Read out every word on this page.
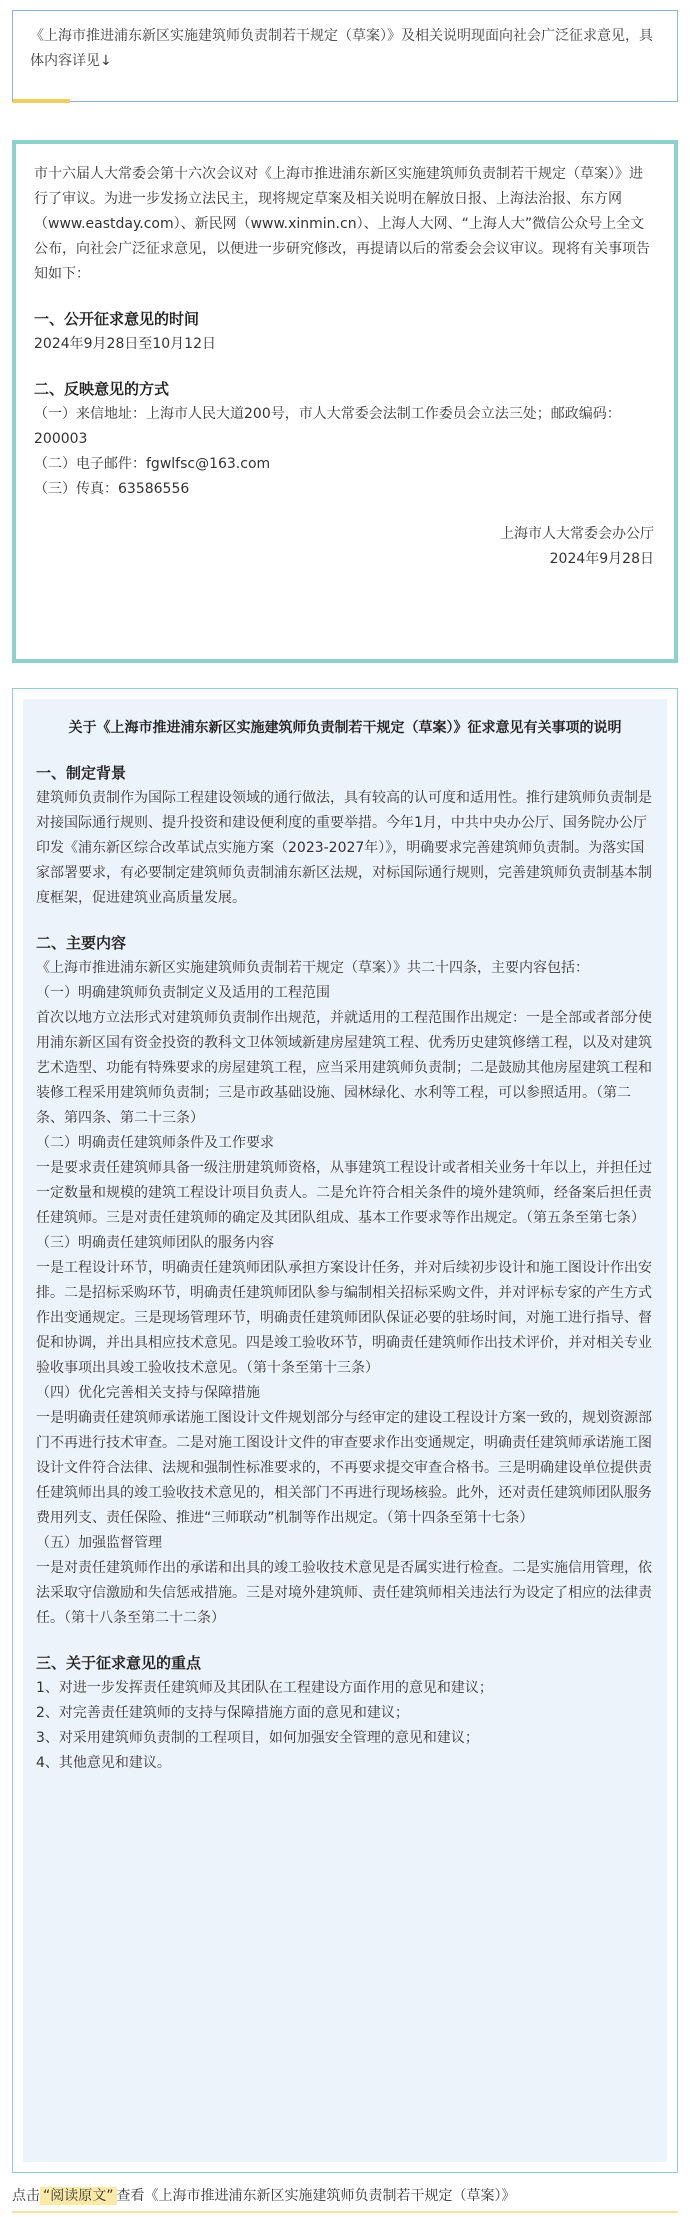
《上海市推进浦东新区实施建筑师负责制若干规定（草案）》及相关说明现面向社会广泛征求意见，具体内容详见↓

市十六届人大常委会第十六次会议对《上海市推进浦东新区实施建筑师负责制若干规定（草案）》进行了审议。为进一步发扬立法民主，现将规定草案及相关说明在解放日报、上海法治报、东方网（www.eastday.com）、新民网（www.xinmin.cn）、上海人大网、“上海人大”微信公众号上全文公布，向社会广泛征求意见，以便进一步研究修改，再提请以后的常委会会议审议。现将有关事项告知如下：

一、公开征求意见的时间

2024年9月28日至10月12日

二、反映意见的方式

（一）来信地址：上海市人民大道200号，市人大常委会法制工作委员会立法三处；邮政编码：200003

（二）电子邮件：fgwlfsc@163.com

（三）传真：63586556

上海市人大常委会办公厅

2024年9月28日

关于《上海市推进浦东新区实施建筑师负责制若干规定（草案）》征求意见有关事项的说明

一、制定背景

建筑师负责制作为国际工程建设领域的通行做法，具有较高的认可度和适用性。推行建筑师负责制是对接国际通行规则、提升投资和建设便利度的重要举措。今年1月，中共中央办公厅、国务院办公厅印发《浦东新区综合改革试点实施方案（2023-2027年）》，明确要求完善建筑师负责制。为落实国家部署要求，有必要制定建筑师负责制浦东新区法规，对标国际通行规则，完善建筑师负责制基本制度框架，促进建筑业高质量发展。

二、主要内容

《上海市推进浦东新区实施建筑师负责制若干规定（草案）》共二十四条，主要内容包括：

（一）明确建筑师负责制定义及适用的工程范围

首次以地方立法形式对建筑师负责制作出规范，并就适用的工程范围作出规定：一是全部或者部分使用浦东新区国有资金投资的教科文卫体领域新建房屋建筑工程、优秀历史建筑修缮工程，以及对建筑艺术造型、功能有特殊要求的房屋建筑工程，应当采用建筑师负责制；二是鼓励其他房屋建筑工程和装修工程采用建筑师负责制；三是市政基础设施、园林绿化、水利等工程，可以参照适用。（第二条、第四条、第二十三条）

（二）明确责任建筑师条件及工作要求

一是要求责任建筑师具备一级注册建筑师资格，从事建筑工程设计或者相关业务十年以上，并担任过一定数量和规模的建筑工程设计项目负责人。二是允许符合相关条件的境外建筑师，经备案后担任责任建筑师。三是对责任建筑师的确定及其团队组成、基本工作要求等作出规定。（第五条至第七条）

（三）明确责任建筑师团队的服务内容

一是工程设计环节，明确责任建筑师团队承担方案设计任务，并对后续初步设计和施工图设计作出安排。二是招标采购环节，明确责任建筑师团队参与编制相关招标采购文件，并对评标专家的产生方式作出变通规定。三是现场管理环节，明确责任建筑师团队保证必要的驻场时间，对施工进行指导、督促和协调，并出具相应技术意见。四是竣工验收环节，明确责任建筑师作出技术评价，并对相关专业验收事项出具竣工验收技术意见。（第十条至第十三条）

（四）优化完善相关支持与保障措施

一是明确责任建筑师承诺施工图设计文件规划部分与经审定的建设工程设计方案一致的，规划资源部门不再进行技术审查。二是对施工图设计文件的审查要求作出变通规定，明确责任建筑师承诺施工图设计文件符合法律、法规和强制性标准要求的，不再要求提交审查合格书。三是明确建设单位提供责任建筑师出具的竣工验收技术意见的，相关部门不再进行现场核验。此外，还对责任建筑师团队服务费用列支、责任保险、推进“三师联动”机制等作出规定。（第十四条至第十七条）

（五）加强监督管理

一是对责任建筑师作出的承诺和出具的竣工验收技术意见是否属实进行检查。二是实施信用管理，依法采取守信激励和失信惩戒措施。三是对境外建筑师、责任建筑师相关违法行为设定了相应的法律责任。（第十八条至第二十二条）

三、关于征求意见的重点

1、对进一步发挥责任建筑师及其团队在工程建设方面作用的意见和建议；

2、对完善责任建筑师的支持与保障措施方面的意见和建议；

3、对采用建筑师负责制的工程项目，如何加强安全管理的意见和建议；

4、其他意见和建议。

点击 “阅读原文” 查看《上海市推进浦东新区实施建筑师负责制若干规定（草案）》
